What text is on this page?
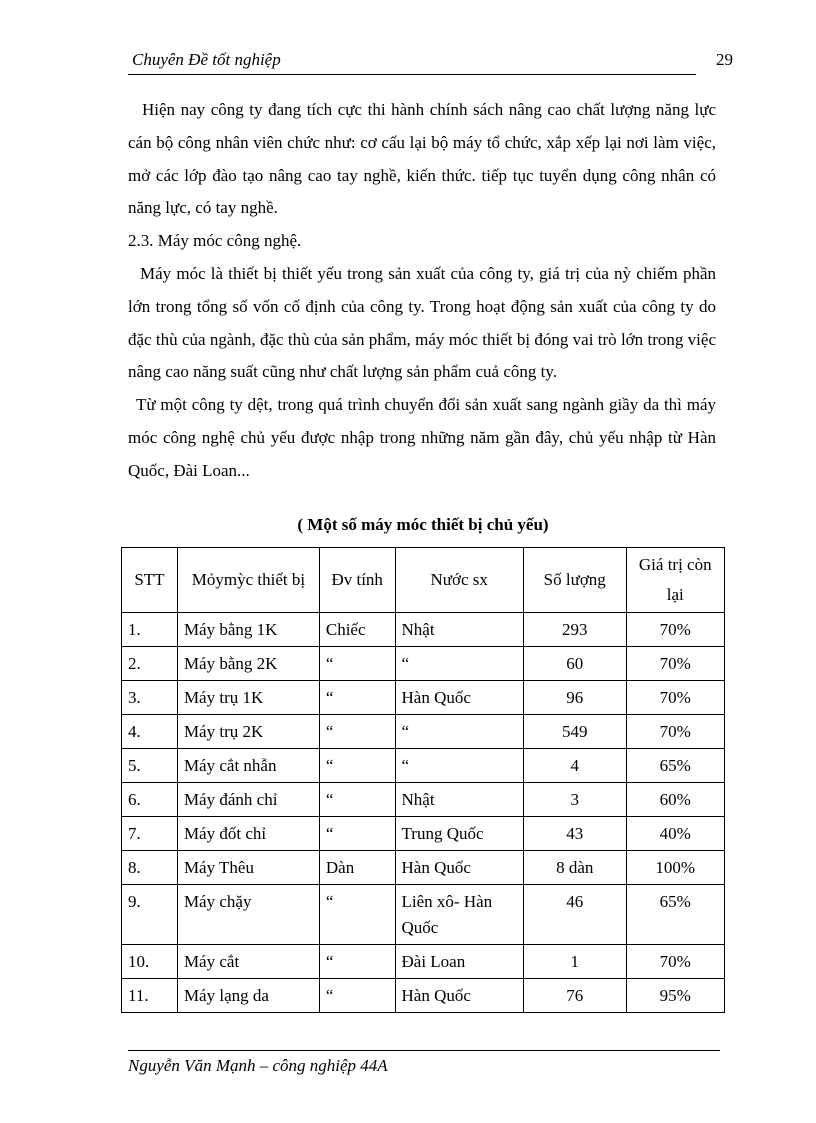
Chuyên Đề tốt nghiệp	29

Hiện nay công ty đang tích cực thi hành chính sách nâng cao chất lượng năng lực cán bộ công nhân viên chức như: cơ cấu lại bộ máy tổ chức, xắp xếp lại nơi làm việc, mở các lớp đào tạo nâng cao tay nghề, kiến thức. tiếp tục tuyển dụng công nhân có năng lực, có tay nghề.

2.3. Máy móc công nghệ.

Máy móc là thiết bị thiết yếu trong sản xuất của công ty, giá trị của nỳ chiếm phần lớn trong tổng số vốn cố định của công ty. Trong hoạt động sản xuất của công ty do đặc thù của ngành, đặc thù của sản phẩm, máy móc thiết bị đóng vai trò lớn trong việc nâng cao năng suất cũng như chất lượng sản phẩm cuả công ty.

Từ một công ty dệt, trong quá trình chuyển đổi sản xuất sang ngành giầy da thì máy móc công nghệ chủ yếu được nhập trong những năm gần đây, chủ yếu nhập từ Hàn Quốc, Đài Loan...

( Một số máy móc thiết bị chủ yếu)
STT	Mỏymỳc thiết bị	Đv tính	Nước sx	Số lượng	Giá trị còn lại
1.	Máy bằng 1K	Chiếc	Nhật	293	70%
2.	Máy bằng 2K	“	“	60	70%
3.	Máy trụ 1K	“	Hàn Quốc	96	70%
4.	Máy trụ 2K	“	“	549	70%
5.	Máy cắt nhẫn	“	“	4	65%
6.	Máy đánh chỉ	“	Nhật	3	60%
7.	Máy đốt chỉ	“	Trung Quốc	43	40%
8.	Máy Thêu	Dàn	Hàn Quốc	8 dàn	100%
9.	Máy chặy	“	Liên xô- Hàn Quốc	46	65%
10.	Máy cắt	“	Đài Loan	1	70%
11.	Máy lạng da	“	Hàn Quốc	76	95%
Nguyễn Văn Mạnh – công nghiệp 44A
